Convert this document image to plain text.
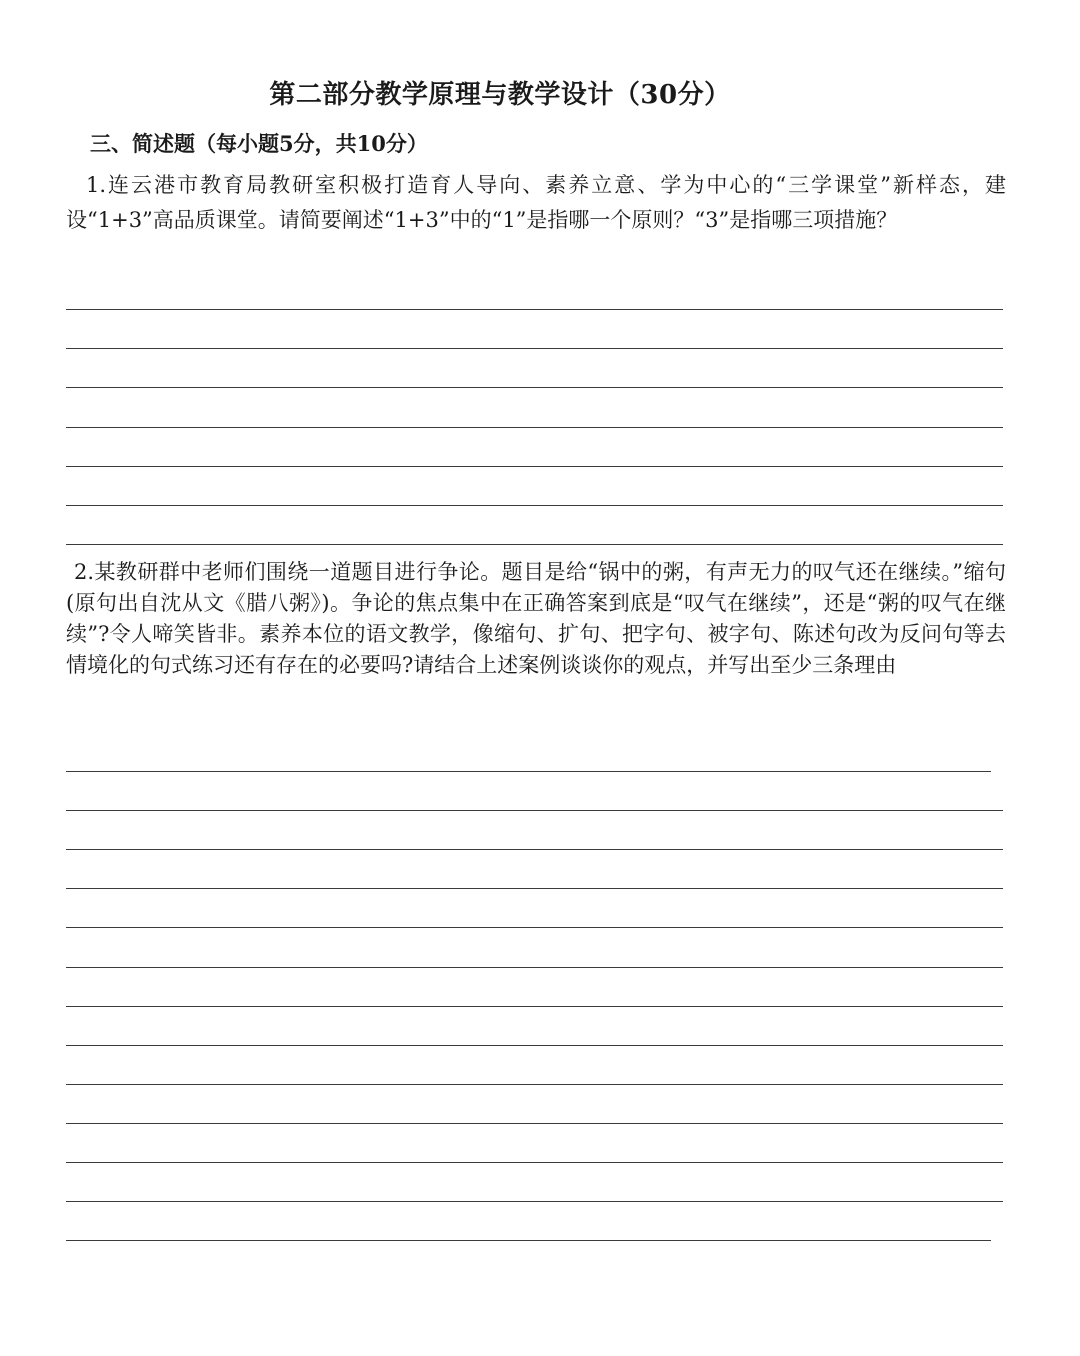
第二部分教学原理与教学设计（30分）
三、简述题（每小题5分，共10分）

1.连云港市教育局教研室积极打造育人导向、素养立意、学为中心的“三学课堂”新样态，建设“1+3”高品质课堂。请简要阐述“1+3”中的“1”是指哪一个原则？“3”是指哪三项措施？

2.某教研群中老师们围绕一道题目进行争论。题目是给“锅中的粥，有声无力的叹气还在继续。”缩句(原句出自沈从文《腊八粥》)。争论的焦点集中在正确答案到底是“叹气在继续”，还是“粥的叹气在继续”?令人啼笑皆非。素养本位的语文教学，像缩句、扩句、把字句、被字句、陈述句改为反问句等去情境化的句式练习还有存在的必要吗?请结合上述案例谈谈你的观点，并写出至少三条理由
